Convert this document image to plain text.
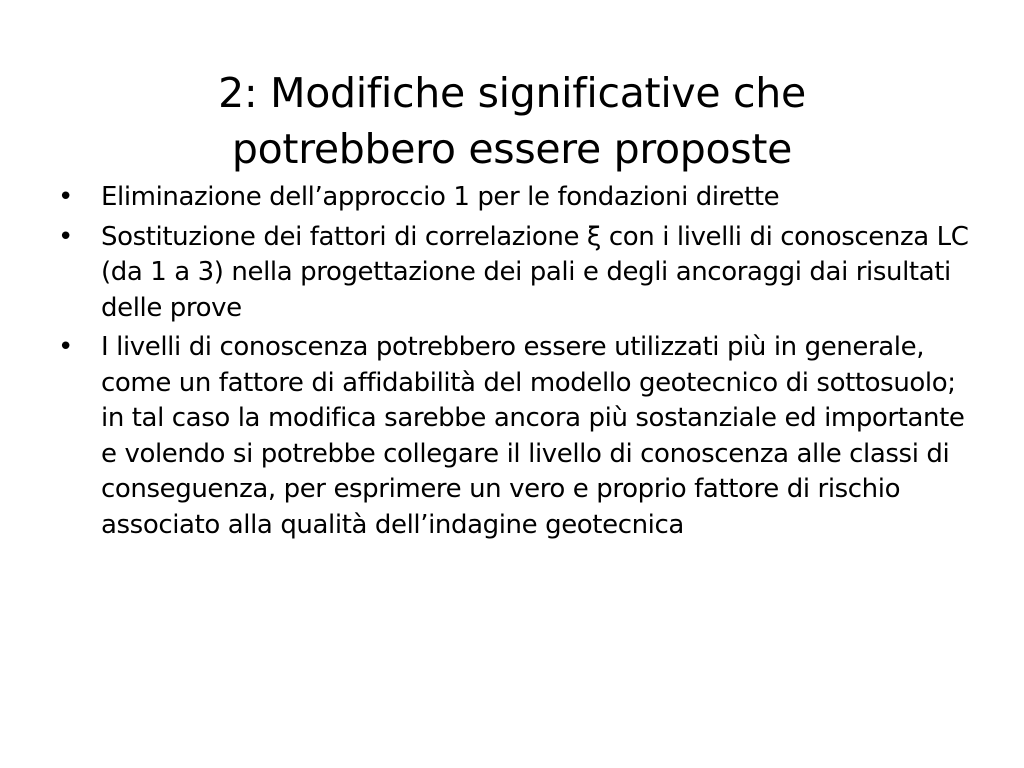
2: Modifiche significative che
potrebbero essere proposte
• Eliminazione dell’approccio 1 per le fondazioni dirette
• Sostituzione dei fattori di correlazione ξ con i livelli di conoscenza LC (da 1 a 3) nella progettazione dei pali e degli ancoraggi dai risultati delle prove
• I livelli di conoscenza potrebbero essere utilizzati più in generale, come un fattore di affidabilità del modello geotecnico di sottosuolo; in tal caso la modifica sarebbe ancora più sostanziale ed importante e volendo si potrebbe collegare il livello di conoscenza alle classi di conseguenza, per esprimere un vero e proprio fattore di rischio associato alla qualità dell’indagine geotecnica
